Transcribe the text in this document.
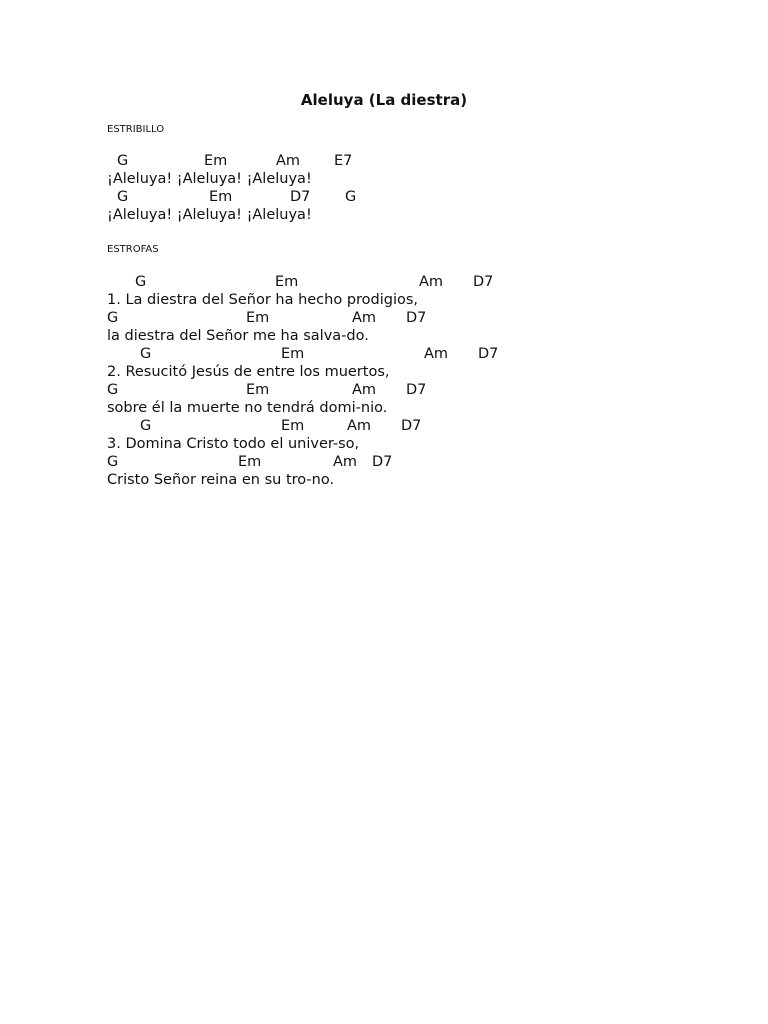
Aleluya (La diestra)
ESTRIBILLO
G	Em	Am E7
¡Aleluya! ¡Aleluya! ¡Aleluya!
G	Em	D7 G
¡Aleluya! ¡Aleluya! ¡Aleluya!
ESTROFAS
G	Em	Am D7
1. La diestra del Señor ha hecho prodigios,
G	Em	Am D7
la diestra del Señor me ha salva-do.
G	Em	Am D7
2. Resucitó Jesús de entre los muertos,
G	Em	Am D7
sobre él la muerte no tendrá domi-nio.
G	Em	Am D7
3. Domina Cristo todo el univer-so,
G	Em	Am D7
Cristo Señor reina en su tro-no.
